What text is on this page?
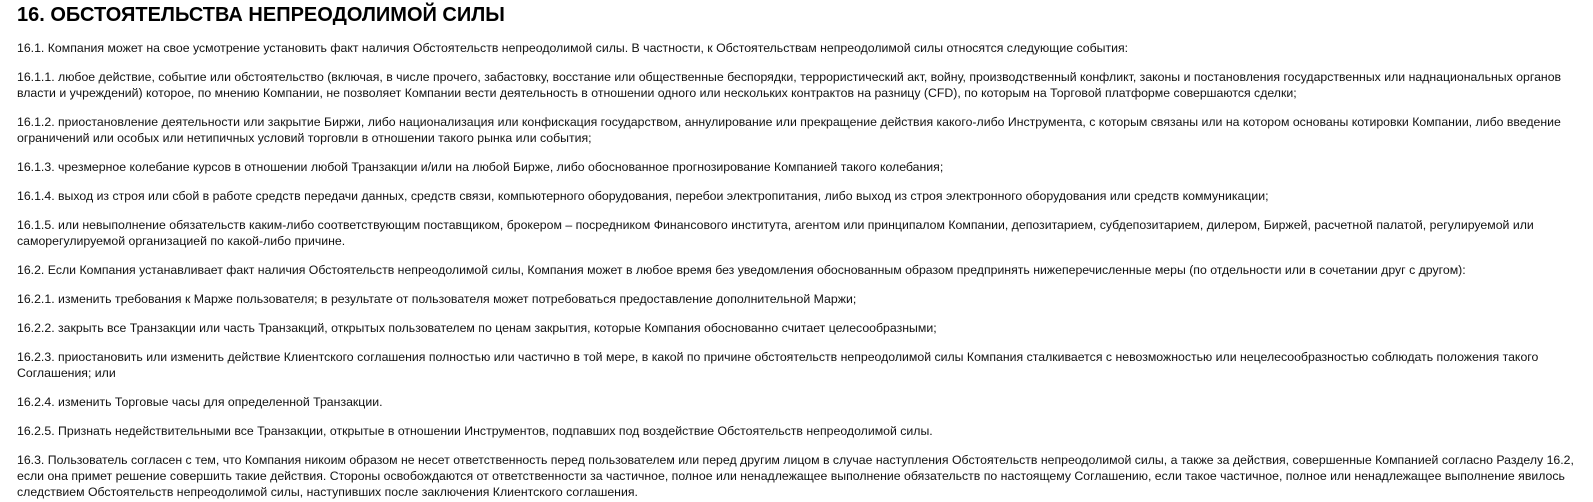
16. ОБСТОЯТЕЛЬСТВА НЕПРЕОДОЛИМОЙ СИЛЫ

16.1. Компания может на свое усмотрение установить факт наличия Обстоятельств непреодолимой силы. В частности, к Обстоятельствам непреодолимой силы относятся следующие события:

16.1.1. любое действие, событие или обстоятельство (включая, в числе прочего, забастовку, восстание или общественные беспорядки, террористический акт, войну, производственный конфликт, законы и постановления государственных или наднациональных органов власти и учреждений) которое, по мнению Компании, не позволяет Компании вести деятельность в отношении одного или нескольких контрактов на разницу (CFD), по которым на Торговой платформе совершаются сделки;

16.1.2. приостановление деятельности или закрытие Биржи, либо национализация или конфискация государством, аннулирование или прекращение действия какого-либо Инструмента, с которым связаны или на котором основаны котировки Компании, либо введение ограничений или особых или нетипичных условий торговли в отношении такого рынка или события;

16.1.3. чрезмерное колебание курсов в отношении любой Транзакции и/или на любой Бирже, либо обоснованное прогнозирование Компанией такого колебания;

16.1.4. выход из строя или сбой в работе средств передачи данных, средств связи, компьютерного оборудования, перебои электропитания, либо выход из строя электронного оборудования или средств коммуникации;

16.1.5. или невыполнение обязательств каким-либо соответствующим поставщиком, брокером – посредником Финансового института, агентом или принципалом Компании, депозитарием, субдепозитарием, дилером, Биржей, расчетной палатой, регулируемой или саморегулируемой организацией по какой-либо причине.

16.2. Если Компания устанавливает факт наличия Обстоятельств непреодолимой силы, Компания может в любое время без уведомления обоснованным образом предпринять нижеперечисленные меры (по отдельности или в сочетании друг с другом):

16.2.1. изменить требования к Марже пользователя; в результате от пользователя может потребоваться предоставление дополнительной Маржи;

16.2.2. закрыть все Транзакции или часть Транзакций, открытых пользователем по ценам закрытия, которые Компания обоснованно считает целесообразными;

16.2.3. приостановить или изменить действие Клиентского соглашения полностью или частично в той мере, в какой по причине обстоятельств непреодолимой силы Компания сталкивается с невозможностью или нецелесообразностью соблюдать положения такого Соглашения; или

16.2.4. изменить Торговые часы для определенной Транзакции.

16.2.5. Признать недействительными все Транзакции, открытые в отношении Инструментов, подпавших под воздействие Обстоятельств непреодолимой силы.

16.3. Пользователь согласен с тем, что Компания никоим образом не несет ответственность перед пользователем или перед другим лицом в случае наступления Обстоятельств непреодолимой силы, а также за действия, совершенные Компанией согласно Разделу 16.2, если она примет решение совершить такие действия. Стороны освобождаются от ответственности за частичное, полное или ненадлежащее выполнение обязательств по настоящему Соглашению, если такое частичное, полное или ненадлежащее выполнение явилось следствием Обстоятельств непреодолимой силы, наступивших после заключения Клиентского соглашения.
